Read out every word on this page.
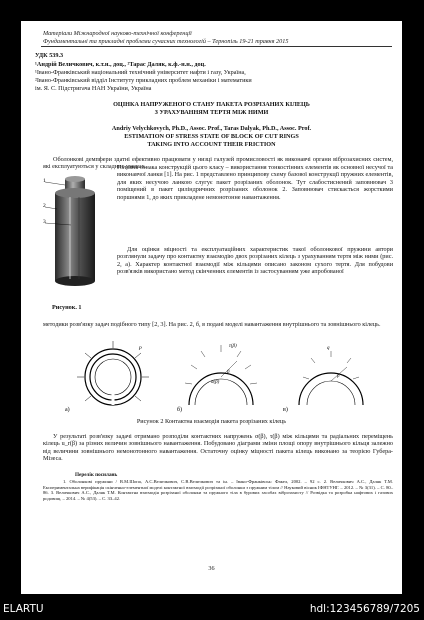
Матеріали Міжнародної науково-технічної конференції
Фундаментальні та прикладні проблеми сучасних технологій – Тернопіль 19-21 травня 2015
УДК 539.3
¹Андрій Величкович, к.т.н., доц., ²Тарас Даляк, к.ф.-н.н., доц.
¹Івано-Франківський національний технічний університет нафти і газу, Україна,
²Івано-Франківський відділ Інституту прикладних проблем механіки і математики
ім. Я. С. Підстригача НАН України, Україна
ОЦІНКА НАПРУЖЕНОГО СТАНУ ПАКЕТА РОЗРІЗАНИХ КІЛЕЦЬ
З УРАХУВАННЯМ ТЕРТЯ МІЖ НИМИ
Andriy Velychkovych, Ph.D., Assoc. Prof., Taras Dalyak, Ph.D., Assoc. Prof.
ESTIMATION OF STRESS STATE OF BLOCK OF CUT RINGS
TAKING INTO ACCOUNT THEIR FRICTION
Оболонкові демпфери здатні ефективно працювати у низці галузей промисловості як виконавчі органи віброзахисних систем, які експлуатуються у складних умовах.
1
2
3
Рисунок. 1
Головна ознака конструкцій цього класу – використання тонкостінних елементів як основної несучої та виконавчої ланки [1]. На рис. 1 представлено принципову схему базової конструкції пружних елементів, для яких несучою ланкою слугує пакет розрізаних оболонок. Тут слабостиснений заповнювач 3 поміщений в пакет циліндричних розрізаних оболонок 2. Заповнювач стискається жорсткими поршнями 1, до яких прикладене немонотонне навантаження.
Для оцінки міцності та експлуатаційних характеристик такої оболонкової пружини автори розглянули задачу про контактну взаємодію двох розрізаних кілець з урахуванням тертя між ними (рис. 2, а). Характер контактної взаємодії між кільцями описано законом сухого тертя. Для побудови розв'язків використано метод скінченних елементів із застосуванням уже апробованої
методики розв'язку задач подібного типу [2, 3]. На рис. 2, б, в подані моделі навантаження внутрішнього та зовнішнього кілець.
а)
p
б)
τ(β)
σ(β)
β
в)
q
β
Рисунок 2 Контактна взаємодія пакета розрізаних кілець
У результаті розв'язку задачі отримано розподіли контактних напружень σ(β), τ(β) між кільцями та радіальних переміщень кілець u_r(β) за різних величин зовнішнього навантаження. Побудовано діаграми зміни площі опору внутрішнього кільця залежно від величини зовнішнього немонотонного навантаження. Остаточну оцінку міцності пакета кілець виконано за теорією Губера-Мізеса.
Перелік посилань
1. Оболонкові пружини / В.М.Шопа, А.С.Величкович, С.В.Величкович та ін. – Івано-Франківськ: Факел, 2002. – 92 с. 2. Величкович А.С., Даляк Т.М. Експериментальна верифікація скінченно-елементної моделі контактної взаємодії розрізаної оболонки з пружним тілом // Науковий вісник ІФНТУНГ. – 2012. – № 3(31). – С. 80–86. 3. Величкович А.С., Даляк Т.М. Контактна взаємодія розрізаної оболонки та пружного тіла в бурових засобах віброзахисту // Розвідка та розробка нафтових і газових родовищ. – 2014. – № 4(53). – С. 33–42.
36
ELARTU	hdl:123456789/7205
